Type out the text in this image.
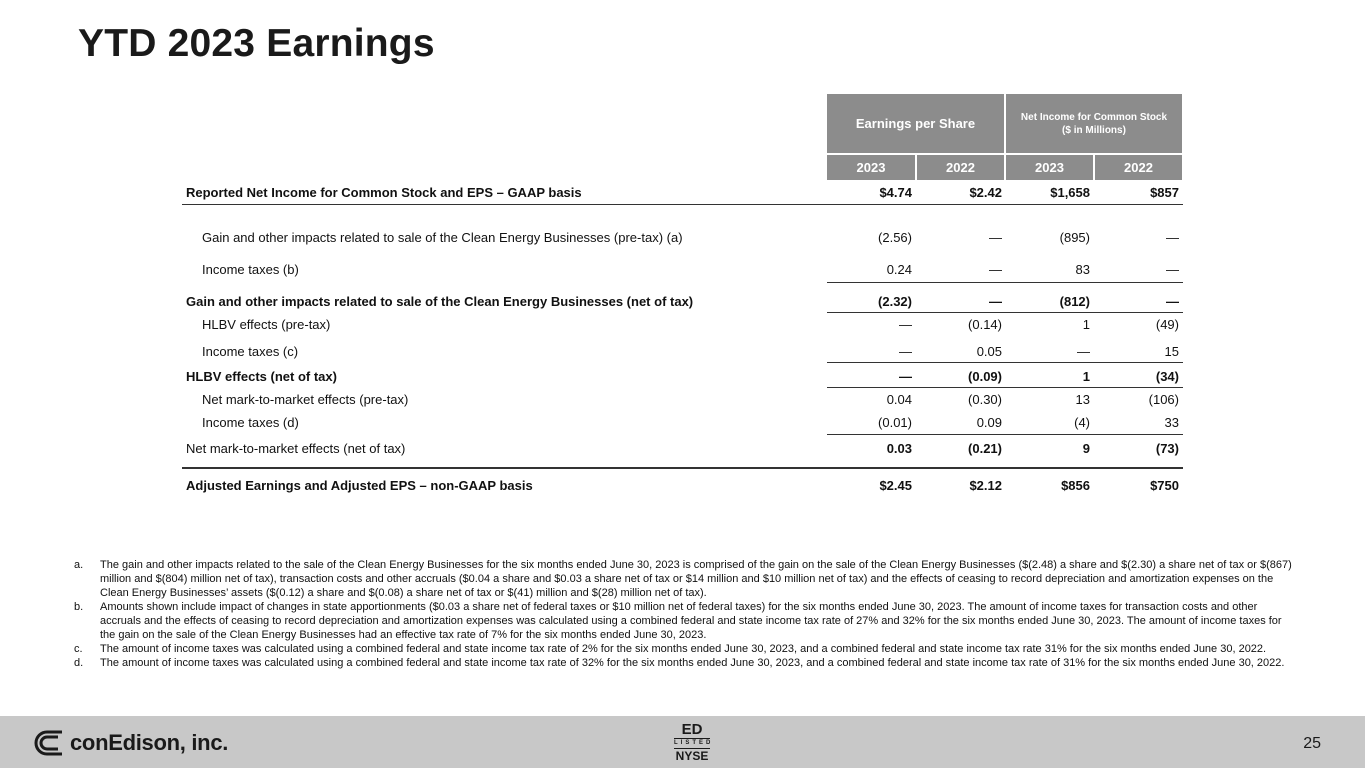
YTD 2023 Earnings
Earnings per Share	Net Income for Common Stock
($ in Millions)
2023	2022	2023	2022
Reported Net Income for Common Stock and EPS – GAAP basis	$4.74	$2.42	$1,658	$857
Gain and other impacts related to sale of the Clean Energy Businesses (pre-tax) (a)	(2.56)	—	(895)	—
Income taxes (b)	0.24	—	83	—
Gain and other impacts related to sale of the Clean Energy Businesses (net of tax)	(2.32)	—	(812)	—
HLBV effects (pre-tax)	—	(0.14)	1	(49)
Income taxes (c)	—	0.05	—	15
HLBV effects (net of tax)	—	(0.09)	1	(34)
Net mark-to-market effects (pre-tax)	0.04	(0.30)	13	(106)
Income taxes (d)	(0.01)	0.09	(4)	33
Net mark-to-market effects (net of tax)	0.03	(0.21)	9	(73)
Adjusted Earnings and Adjusted EPS – non-GAAP basis	$2.45	$2.12	$856	$750

a. The gain and other impacts related to the sale of the Clean Energy Businesses for the six months ended June 30, 2023 is comprised of the gain on the sale of the Clean Energy Businesses ($(2.48) a share and $(2.30) a share net of tax or $(867) million and $(804) million net of tax), transaction costs and other accruals ($0.04 a share and $0.03 a share net of tax or $14 million and $10 million net of tax) and the effects of ceasing to record depreciation and amortization expenses on the Clean Energy Businesses’ assets ($(0.12) a share and $(0.08) a share net of tax or $(41) million and $(28) million net of tax).

b. Amounts shown include impact of changes in state apportionments ($0.03 a share net of federal taxes or $10 million net of federal taxes) for the six months ended June 30, 2023. The amount of income taxes for transaction costs and other accruals and the effects of ceasing to record depreciation and amortization expenses was calculated using a combined federal and state income tax rate of 27% and 32% for the six months ended June 30, 2023. The amount of income taxes for the gain on the sale of the Clean Energy Businesses had an effective tax rate of 7% for the six months ended June 30, 2023.

c. The amount of income taxes was calculated using a combined federal and state income tax rate of 2% for the six months ended June 30, 2023, and a combined federal and state income tax rate 31% for the six months ended June 30, 2022.

d. The amount of income taxes was calculated using a combined federal and state income tax rate of 32% for the six months ended June 30, 2023, and a combined federal and state income tax rate of 31% for the six months ended June 30, 2022.

conEdison, inc.
ED
LISTED
NYSE
25
